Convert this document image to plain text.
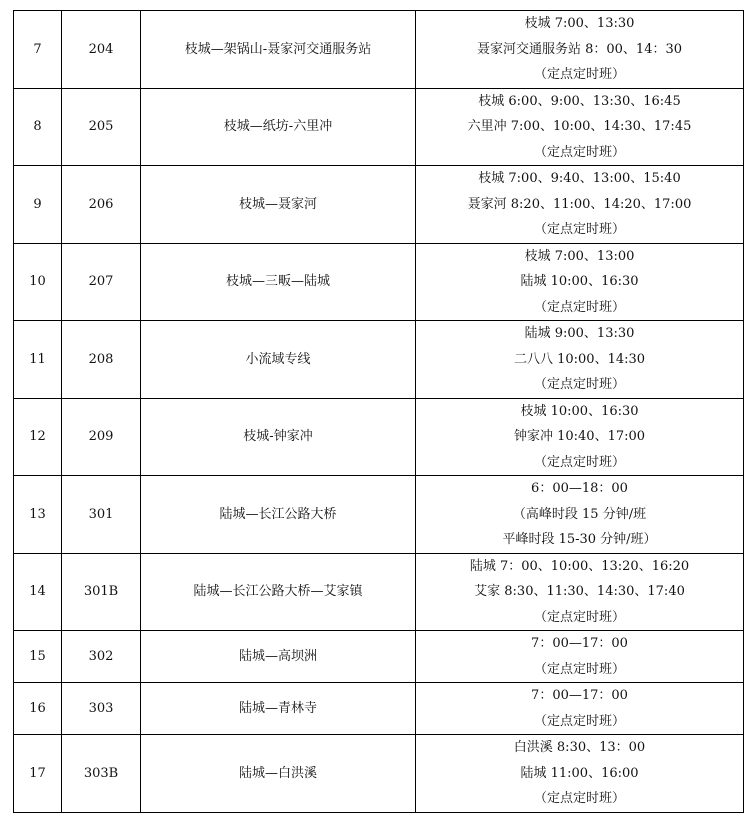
7	204	枝城—架锅山-聂家河交通服务站	枝城 7:00、13:30
聂家河交通服务站 8：00、14：30
（定点定时班）

8	205	枝城—纸坊-六里冲	枝城 6:00、9:00、13:30、16:45
六里冲 7:00、10:00、14:30、17:45
（定点定时班）

9	206	枝城—聂家河	枝城 7:00、9:40、13:00、15:40
聂家河 8:20、11:00、14:20、17:00
（定点定时班）

10	207	枝城—三畈—陆城	枝城 7:00、13:00
陆城 10:00、16:30
（定点定时班）

11	208	小流域专线	陆城 9:00、13:30
二八八 10:00、14:30
（定点定时班）

12	209	枝城-钟家冲	枝城 10:00、16:30
钟家冲 10:40、17:00
（定点定时班）

13	301	陆城—长江公路大桥	6：00—18：00
（高峰时段 15 分钟/班
平峰时段 15-30 分钟/班）

14	301B	陆城—长江公路大桥—艾家镇	陆城 7：00、10:00、13:20、16:20
艾家 8:30、11:30、14:30、17:40
（定点定时班）

15	302	陆城—高坝洲	7：00—17：00
（定点定时班）

16	303	陆城—青林寺	7：00—17：00
（定点定时班）

17	303B	陆城—白洪溪	白洪溪 8:30、13：00
陆城 11:00、16:00
（定点定时班）
